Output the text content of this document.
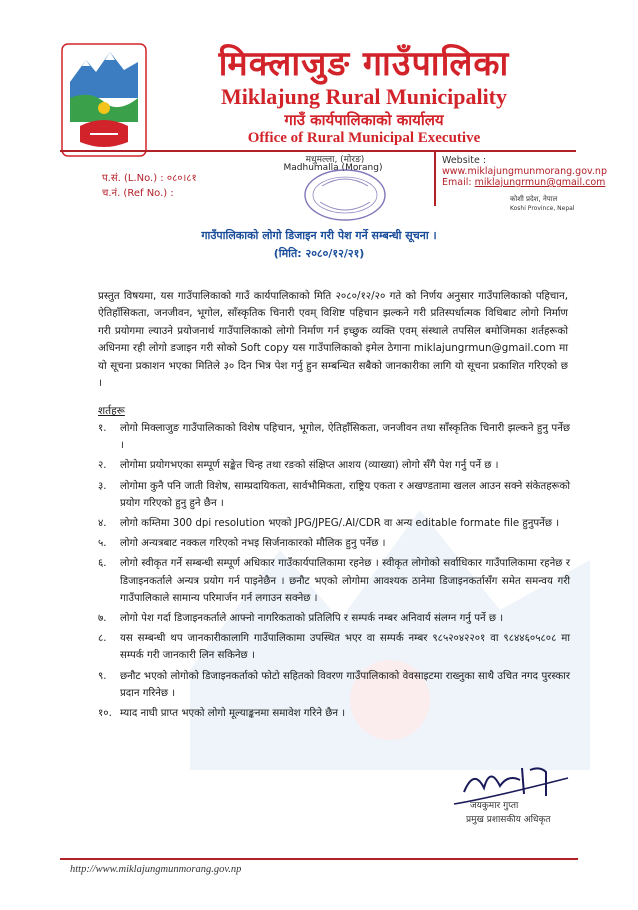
मिक्लाजुङ गाउँपालिका
Miklajung Rural Municipality
गाउँ कार्यपालिकाको कार्यालय
Office of Rural Municipal Executive
मधुमल्ला, (मोरङ)
Madhumalla (Morang)
Website :
www.miklajungmunmorang.gov.np
Email: miklajungrmun@gmail.com
कोशी प्रदेश, नेपाल
Koshi Province, Nepal
प.सं. (L.No.) : ०८०।८१
च.नं. (Ref No.) :
गाउँपालिकाको लोगो डिजाइन गरी पेश गर्ने सम्बन्धी सूचना ।
(मिति: २०८०/१२/२१)
प्रस्तुत विषयमा, यस गाउँपालिकाको गाउँ कार्यपालिकाको मिति २०८०/१२/२० गते को निर्णय अनुसार गाउँपालिकाको पहिचान, ऐतिहाँसिकता, जनजीवन, भूगोल, साँस्कृतिक चिनारी एवम् विशिष्ट पहिचान झल्कने गरी प्रतिस्पर्धात्मक विधिबाट लोगो निर्माण गरी प्रयोगमा ल्याउने प्रयोजनार्थ गाउँपालिकाको लोगो निर्माण गर्न इच्छुक व्यक्ति एवम् संस्थाले तपसिल बमोजिमका शर्तहरूको अधिनमा रही लोगो डजाइन गरी सोको Soft copy यस गाउँपालिकाको इमेल ठेगाना miklajungrmun@gmail.com मा यो सूचना प्रकाशन भएका मितिले ३० दिन भित्र पेश गर्नु हुन सम्बन्धित सबैको जानकारीका लागि यो सूचना प्रकाशित गरिएको छ ।
शर्तहरू
१.	लोगो मिक्लाजुङ गाउँपालिकाको विशेष पहिचान, भूगोल, ऐतिहाँसिकता, जनजीवन तथा साँस्कृतिक चिनारी झल्कने हुनु पर्नेछ ।
२.	लोगोमा प्रयोगभएका सम्पूर्ण सङ्केत चिन्ह तथा रङको संक्षिप्त आशय (व्याख्या) लोगो सँगै पेश गर्नु पर्ने छ ।
३.	लोगोमा कुनै पनि जाती विशेष, साम्प्रदायिकता, सार्वभौमिकता, राष्ट्रिय एकता र अखण्डतामा खलल आउन सक्ने संकेतहरूको प्रयोग गरिएको हुनु हुने छैन ।
४.	लोगो कम्तिमा 300 dpi resolution भएको JPG/JPEG/.AI/CDR वा अन्य editable formate file हुनुपर्नेछ ।
५.	लोगो अन्यत्रबाट नक्कल गरिएको नभइ सिर्जनाकारको मौलिक हुनु पर्नेछ ।
६.	लोगो स्वीकृत गर्ने सम्बन्धी सम्पूर्ण अधिकार गाउँकार्यपालिकामा रहनेछ । स्वीकृत लोगोको सर्वाधिकार गाउँपालिकामा रहनेछ र डिजाइनकर्ताले अन्यत्र प्रयोग गर्न पाइनेछैन । छनौट भएको लोगोमा आवश्यक ठानेमा डिजाइनकर्तासँग समेत समन्वय गरी गाउँपालिकाले सामान्य परिमार्जन गर्न लगाउन सक्नेछ ।
७.	लोगो पेश गर्दा डिजाइनकर्ताले आफ्नो नागरिकताको प्रतिलिपि र सम्पर्क नम्बर अनिवार्य संलग्न गर्नु पर्ने छ ।
८.	यस सम्बन्धी थप जानकारीकालागि गाउँपालिकामा उपस्थित भएर वा सम्पर्क नम्बर ९८५२०४२२०१ वा ९८४४६०५८०८ मा सम्पर्क गरी जानकारी लिन सकिनेछ ।
९.	छनौट भएको लोगोको डिजाइनकर्ताको फोटो सहितको विवरण गाउँपालिकाको वेवसाइटमा राख्नुका साथै उचित नगद पुरस्कार प्रदान गरिनेछ ।
१०. म्याद नाघी प्राप्त भएको लोगो मूल्याङ्कनमा समावेश गरिने छैन ।
जयकुमार गुप्ता
प्रमुख प्रशासकीय अधिकृत
http://www.miklajungmunmorang.gov.np
